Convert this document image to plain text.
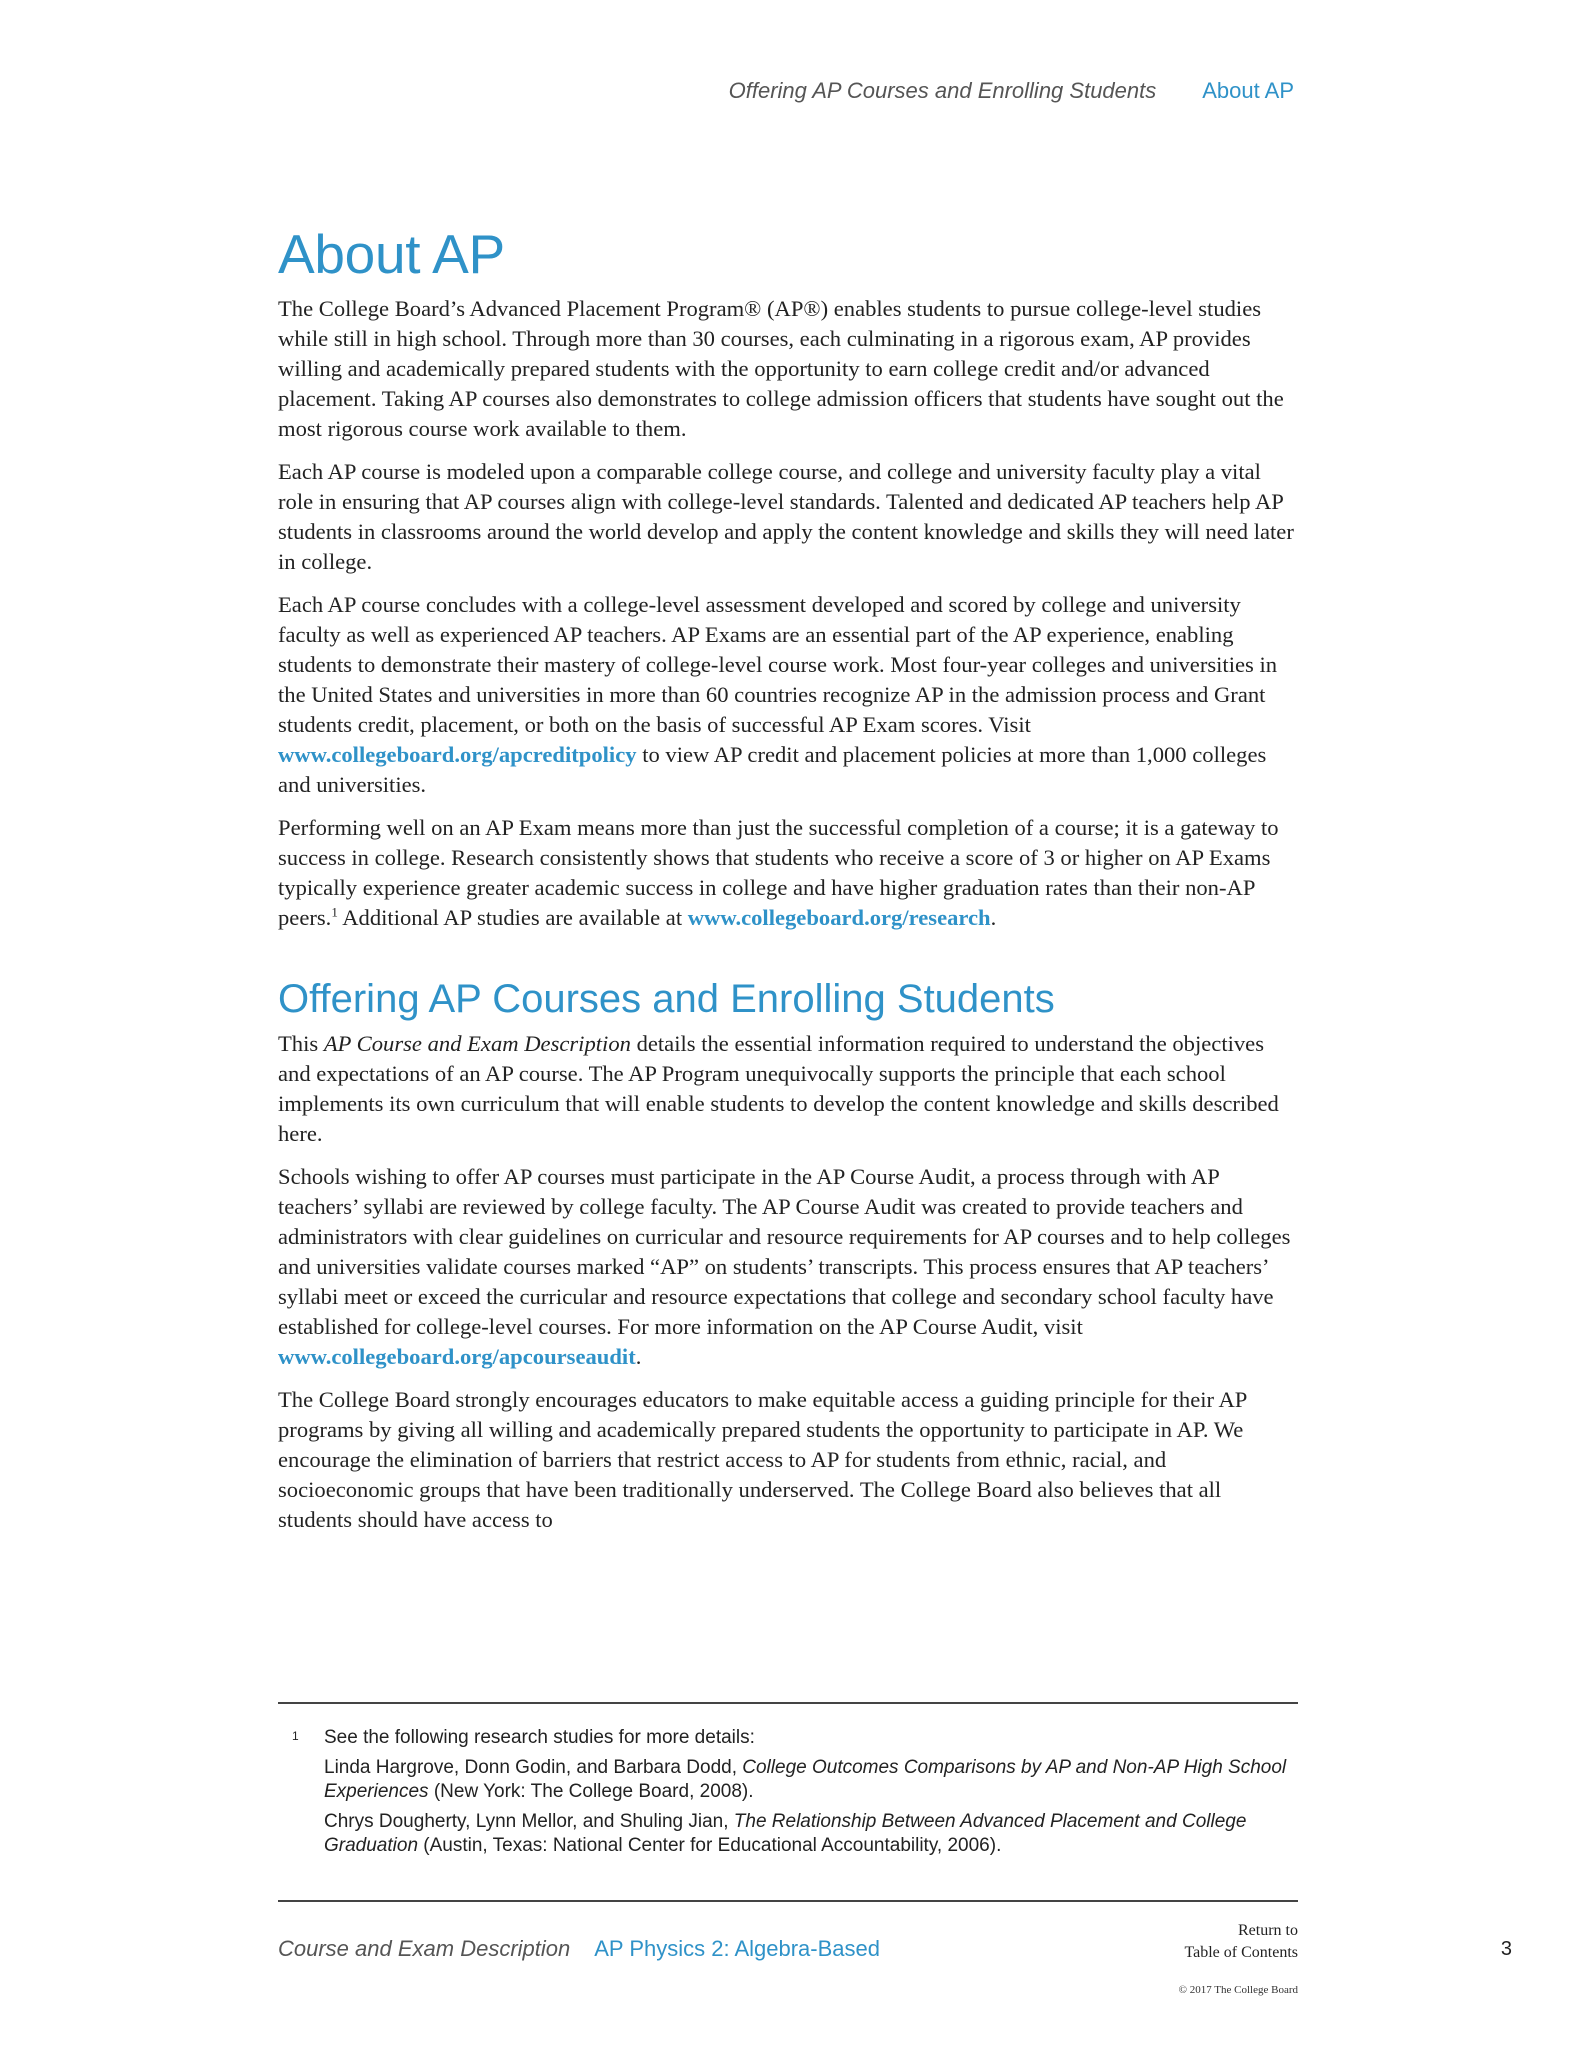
Offering AP Courses and Enrolling Students About AP
About AP

The College Board’s Advanced Placement Program® (AP®) enables students to pursue college-level studies while still in high school. Through more than 30 courses, each culminating in a rigorous exam, AP provides willing and academically prepared students with the opportunity to earn college credit and/or advanced placement. Taking AP courses also demonstrates to college admission officers that students have sought out the most rigorous course work available to them.

Each AP course is modeled upon a comparable college course, and college and university faculty play a vital role in ensuring that AP courses align with college-level standards. Talented and dedicated AP teachers help AP students in classrooms around the world develop and apply the content knowledge and skills they will need later in college.

Each AP course concludes with a college-level assessment developed and scored by college and university faculty as well as experienced AP teachers. AP Exams are an essential part of the AP experience, enabling students to demonstrate their mastery of college-level course work. Most four-year colleges and universities in the United States and universities in more than 60 countries recognize AP in the admission process and Grant students credit, placement, or both on the basis of successful AP Exam scores. Visit www.collegeboard.org/apcreditpolicy to view AP credit and placement policies at more than 1,000 colleges and universities.

Performing well on an AP Exam means more than just the successful completion of a course; it is a gateway to success in college. Research consistently shows that students who receive a score of 3 or higher on AP Exams typically experience greater academic success in college and have higher graduation rates than their non-AP peers.$^1$ Additional AP studies are available at www.collegeboard.org/research.

Offering AP Courses and Enrolling Students

This AP Course and Exam Description details the essential information required to understand the objectives and expectations of an AP course. The AP Program unequivocally supports the principle that each school implements its own curriculum that will enable students to develop the content knowledge and skills described here.

Schools wishing to offer AP courses must participate in the AP Course Audit, a process through with AP teachers’ syllabi are reviewed by college faculty. The AP Course Audit was created to provide teachers and administrators with clear guidelines on curricular and resource requirements for AP courses and to help colleges and universities validate courses marked “AP” on students’ transcripts. This process ensures that AP teachers’ syllabi meet or exceed the curricular and resource expectations that college and secondary school faculty have established for college-level courses. For more information on the AP Course Audit, visit www.collegeboard.org/apcourseaudit.

The College Board strongly encourages educators to make equitable access a guiding principle for their AP programs by giving all willing and academically prepared students the opportunity to participate in AP. We encourage the elimination of barriers that restrict access to AP for students from ethnic, racial, and socioeconomic groups that have been traditionally underserved. The College Board also believes that all students should have access to

1	See the following research studies for more details:

Linda Hargrove, Donn Godin, and Barbara Dodd, College Outcomes Comparisons by AP and Non-AP High School Experiences (New York: The College Board, 2008).

Chrys Dougherty, Lynn Mellor, and Shuling Jian, The Relationship Between Advanced Placement and College Graduation (Austin, Texas: National Center for Educational Accountability, 2006).

Course and Exam Description AP Physics 2: Algebra-Based
Return to
Table of Contents
© 2017 The College Board
3
